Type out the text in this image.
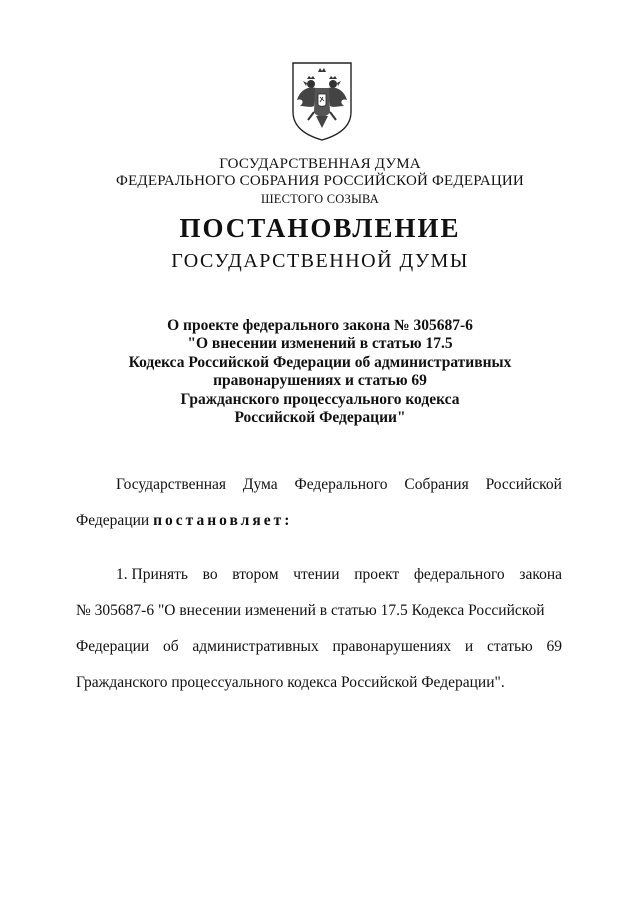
ГОСУДАРСТВЕННАЯ ДУМА
ФЕДЕРАЛЬНОГО СОБРАНИЯ РОССИЙСКОЙ ФЕДЕРАЦИИ
ШЕСТОГО СОЗЫВА
ПОСТАНОВЛЕНИЕ
ГОСУДАРСТВЕННОЙ ДУМЫ
О проекте федерального закона № 305687-6
"О внесении изменений в статью 17.5
Кодекса Российской Федерации об административных
правонарушениях и статью 69
Гражданского процессуального кодекса
Российской Федерации"
Государственная Дума Федерального Собрания Российской
Федерации постановляет:
1. Принять во втором чтении проект федерального закона
№ 305687-6 "О внесении изменений в статью 17.5 Кодекса Российской
Федерации об административных правонарушениях и статью 69
Гражданского процессуального кодекса Российской Федерации".
